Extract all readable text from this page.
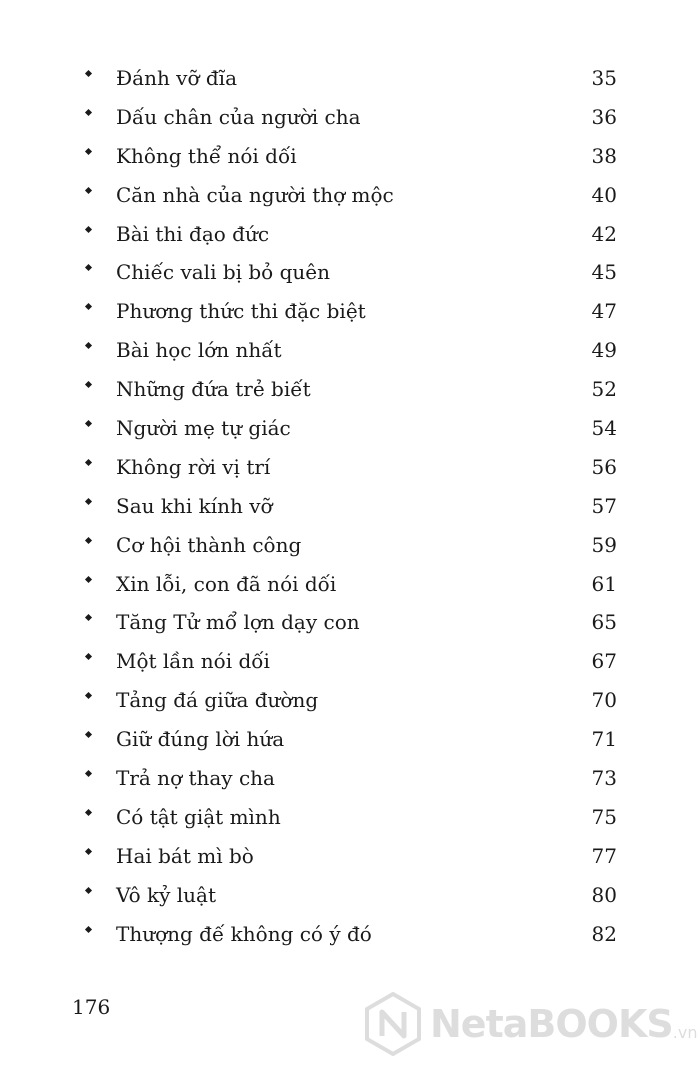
Đánh vỡ đĩa	35
Dấu chân của người cha	36
Không thể nói dối	38
Căn nhà của người thợ mộc	40
Bài thi đạo đức	42
Chiếc vali bị bỏ quên	45
Phương thức thi đặc biệt	47
Bài học lớn nhất	49
Những đứa trẻ biết	52
Người mẹ tự giác	54
Không rời vị trí	56
Sau khi kính vỡ	57
Cơ hội thành công	59
Xin lỗi, con đã nói dối	61
Tăng Tử mổ lợn dạy con	65
Một lần nói dối	67
Tảng đá giữa đường	70
Giữ đúng lời hứa	71
Trả nợ thay cha	73
Có tật giật mình	75
Hai bát mì bò	77
Vô kỷ luật	80
Thượng đế không có ý đó	82
176	NetaBOOKS .vn
